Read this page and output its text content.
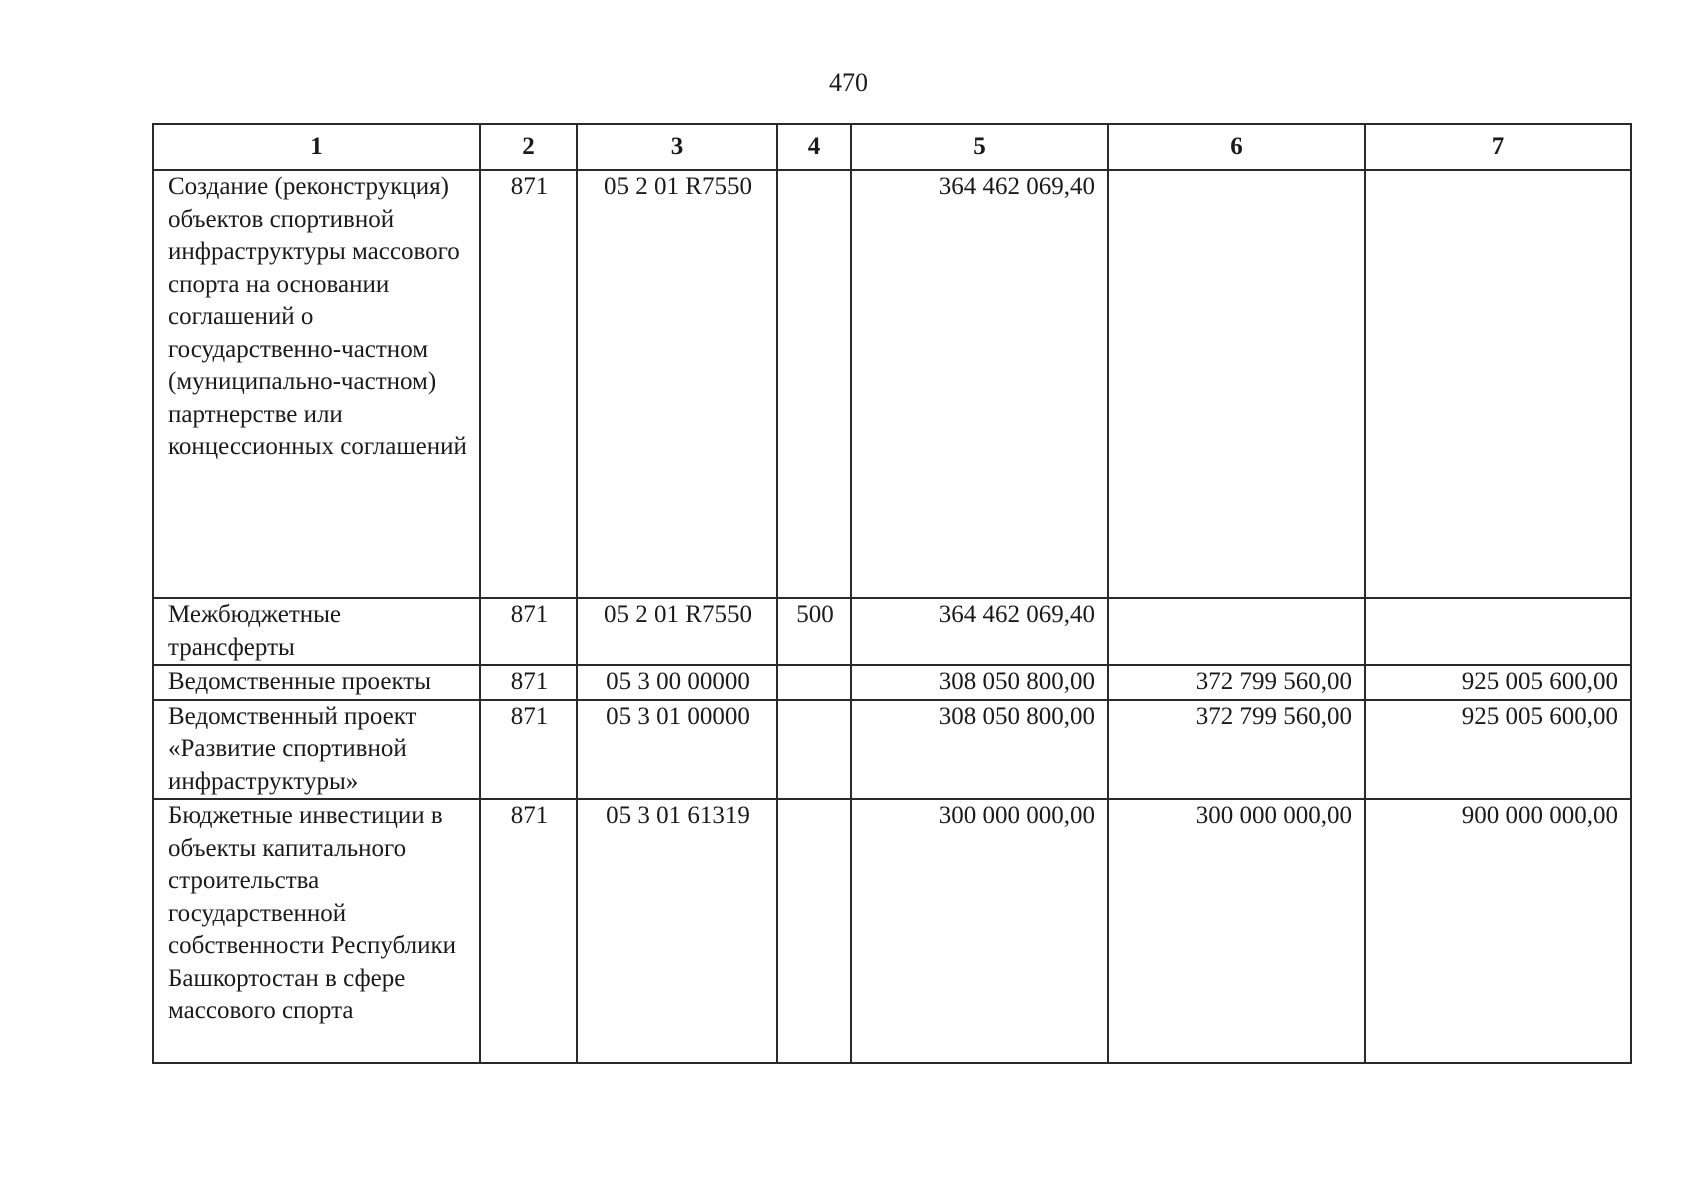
470
1	2	3	4	5	6	7
Создание (реконструкция) объектов спортивной инфраструктуры массового спорта на основании соглашений о государственно-частном (муниципально-частном) партнерстве или концессионных соглашений	871	05 2 01 R7550		364 462 069,40		
Межбюджетные трансферты	871	05 2 01 R7550	500	364 462 069,40		
Ведомственные проекты	871	05 3 00 00000		308 050 800,00	372 799 560,00	925 005 600,00
Ведомственный проект «Развитие спортивной инфраструктуры»	871	05 3 01 00000		308 050 800,00	372 799 560,00	925 005 600,00
Бюджетные инвестиции в объекты капитального строительства государственной собственности Республики Башкортостан в сфере массового спорта	871	05 3 01 61319		300 000 000,00	300 000 000,00	900 000 000,00
